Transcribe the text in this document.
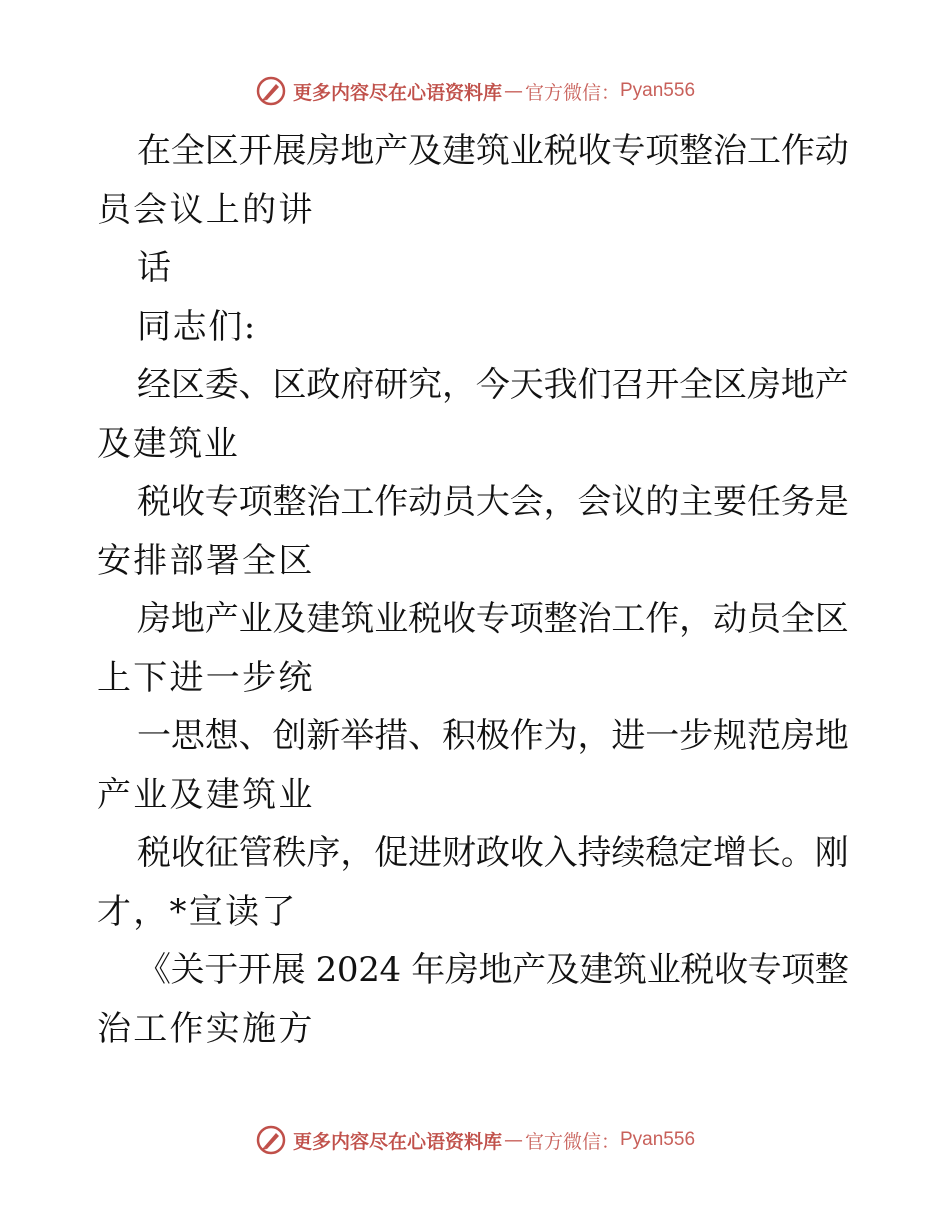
更多内容尽在心语资料库 — 官方微信： Pyan556
在全区开展房地产及建筑业税收专项整治工作动
员会议上的讲
话
同志们:
经区委、区政府研究，今天我们召开全区房地产
及建筑业
税收专项整治工作动员大会，会议的主要任务是
安排部署全区
房地产业及建筑业税收专项整治工作，动员全区
上下进一步统
一思想、创新举措、积极作为，进一步规范房地
产业及建筑业
税收征管秩序，促进财政收入持续稳定增长。刚
才，*宣读了
《关于开展 2024 年房地产及建筑业税收专项整
治工作实施方
更多内容尽在心语资料库 — 官方微信： Pyan556
